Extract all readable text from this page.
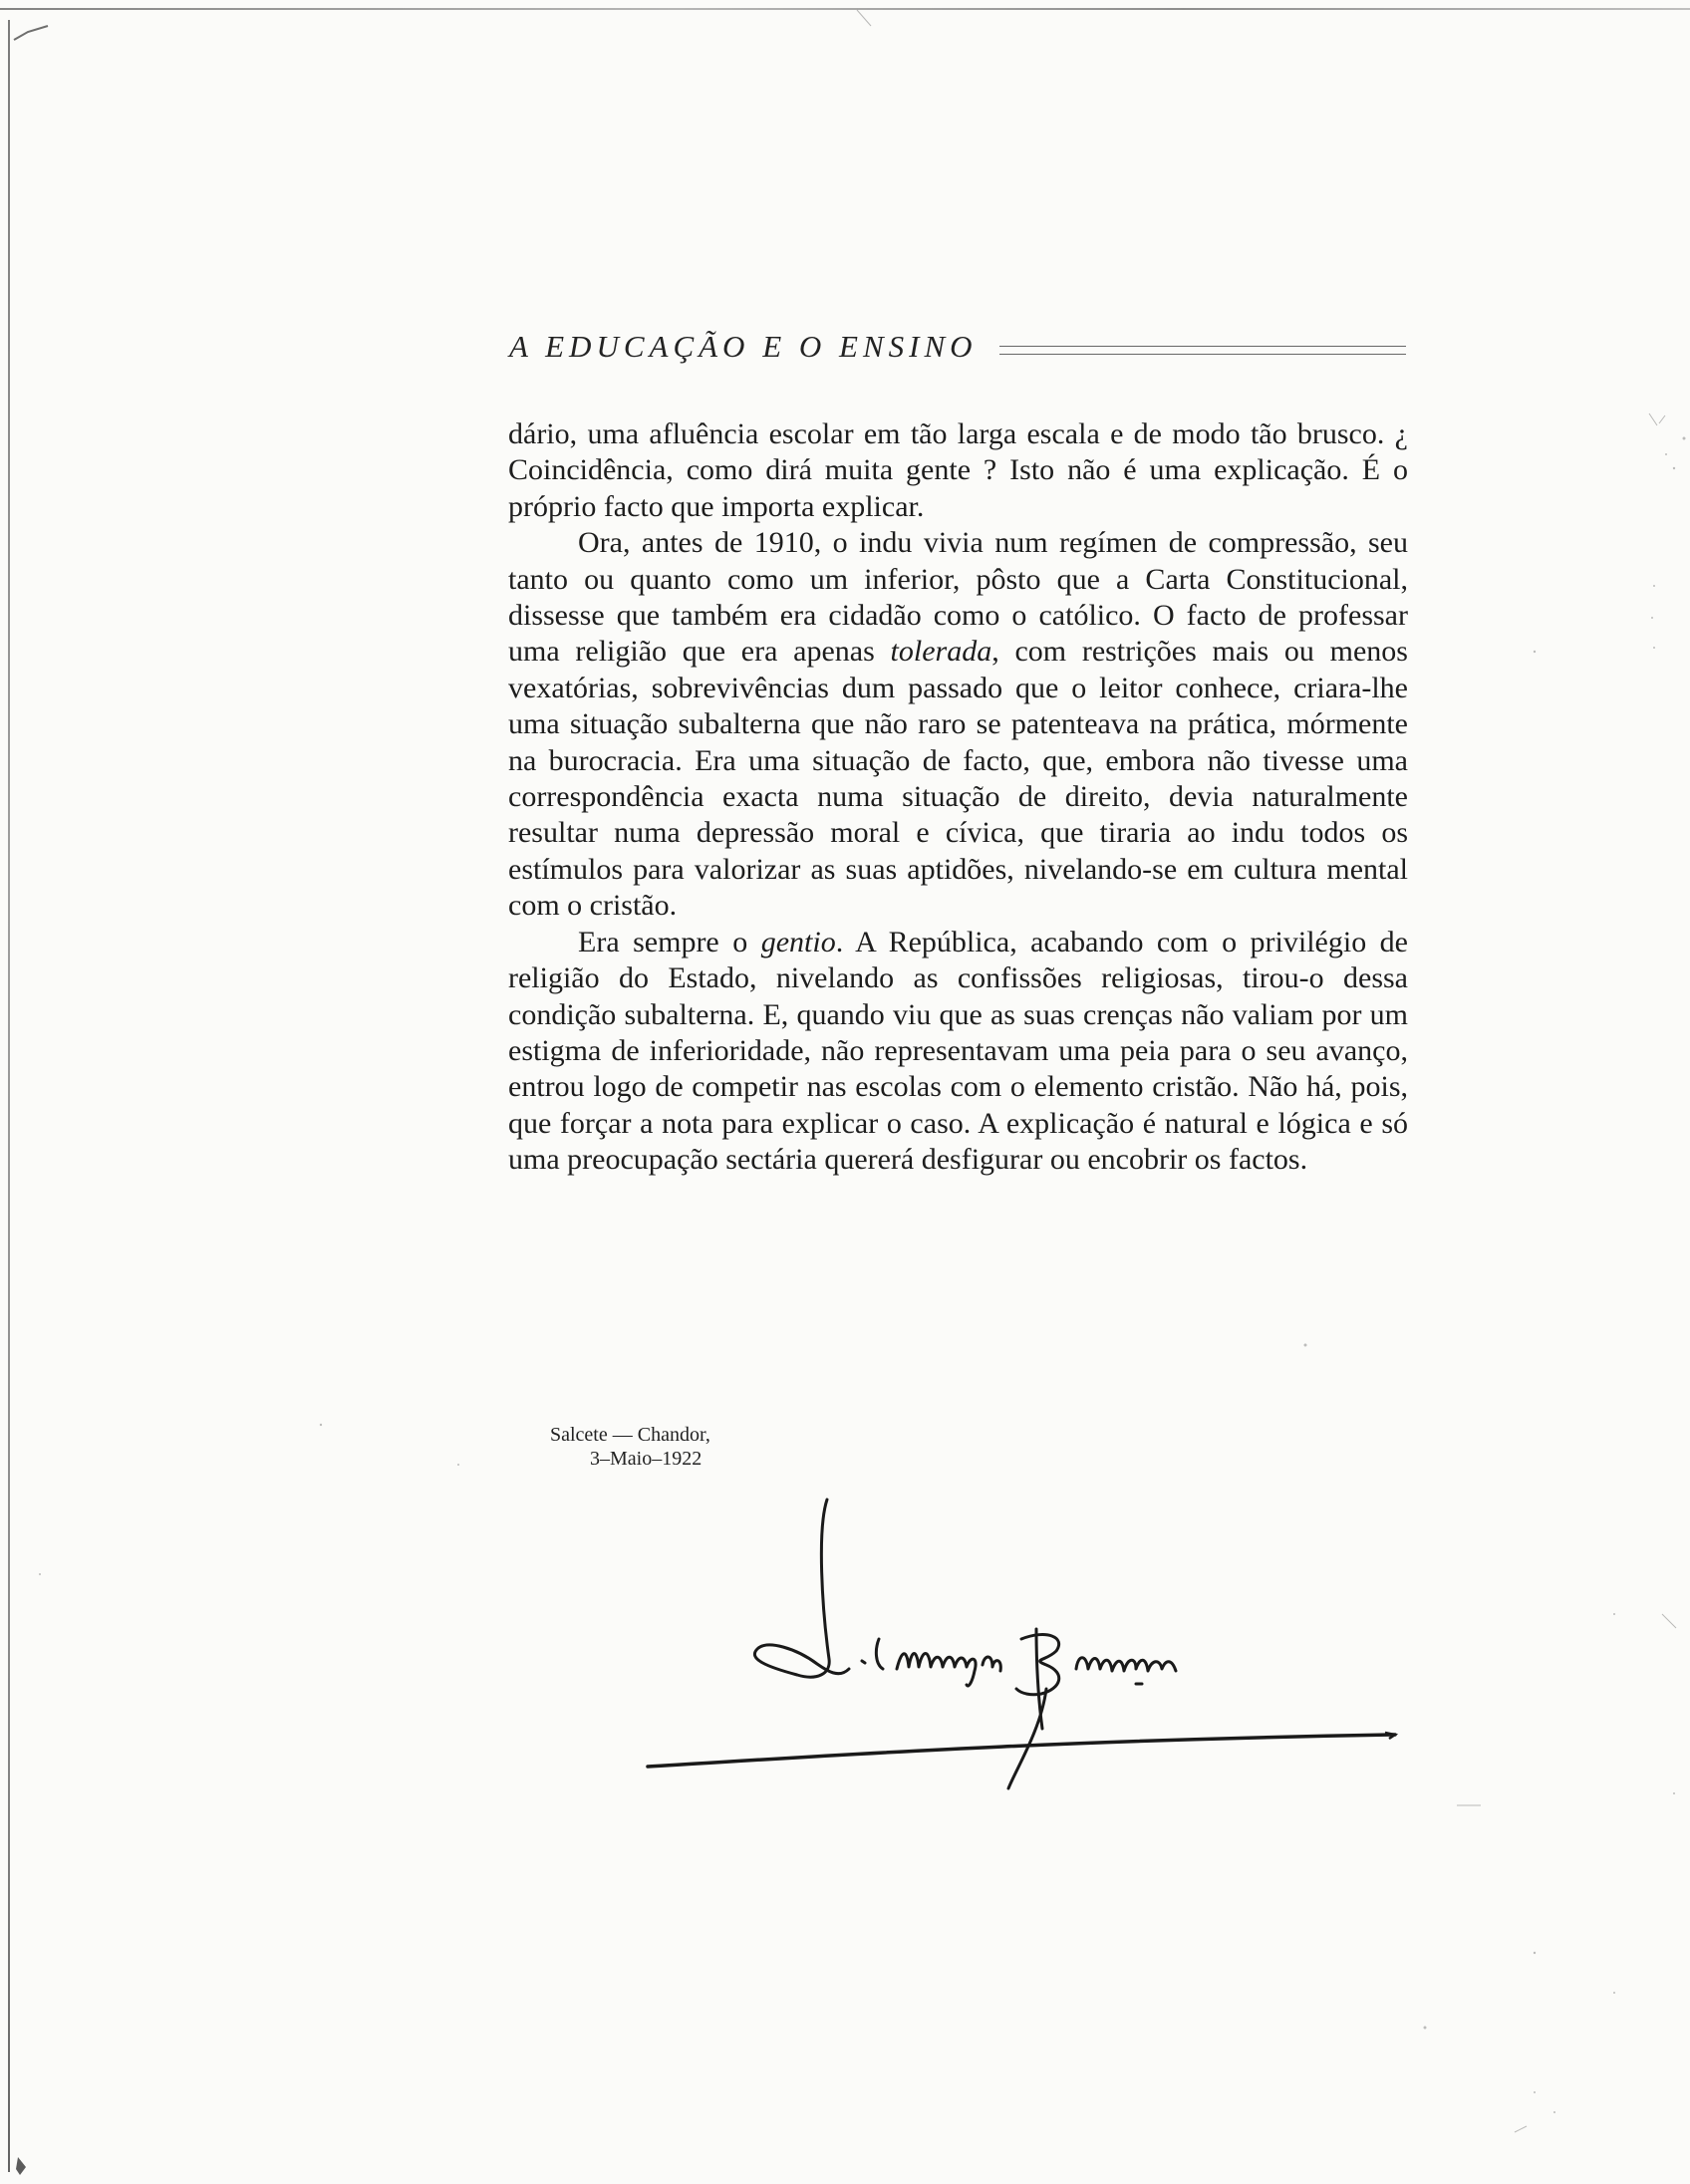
A EDUCAÇÃO E O ENSINO

dário, uma afluência escolar em tão larga escala e de modo tão brusco. ¿ Coincidência, como dirá muita gente ? Isto não é uma explicação. É o próprio facto que importa explicar.

Ora, antes de 1910, o indu vivia num regímen de compressão, seu tanto ou quanto como um inferior, pôsto que a Carta Constitucional, dissesse que também era cidadão como o católico. O facto de professar uma religião que era apenas tolerada, com restrições mais ou menos vexatórias, sobrevivências dum passado que o leitor conhece, criara-lhe uma situação subalterna que não raro se patenteava na prática, mórmente na burocracia. Era uma situação de facto, que, embora não tivesse uma correspondência exacta numa situação de direito, devia naturalmente resultar numa depressão moral e cívica, que tiraria ao indu todos os estímulos para valorizar as suas aptidões, nivelando-se em cultura mental com o cristão.

Era sempre o gentio. A República, acabando com o privilégio de religião do Estado, nivelando as confissões religiosas, tirou-o dessa condição subalterna. E, quando viu que as suas crenças não valiam por um estigma de inferioridade, não representavam uma peia para o seu avanço, entrou logo de competir nas escolas com o elemento cristão. Não há, pois, que forçar a nota para explicar o caso. A explicação é natural e lógica e só uma preocupação sectária quererá desfigurar ou encobrir os factos.

Salcete — Chandor,
3–Maio–1922
